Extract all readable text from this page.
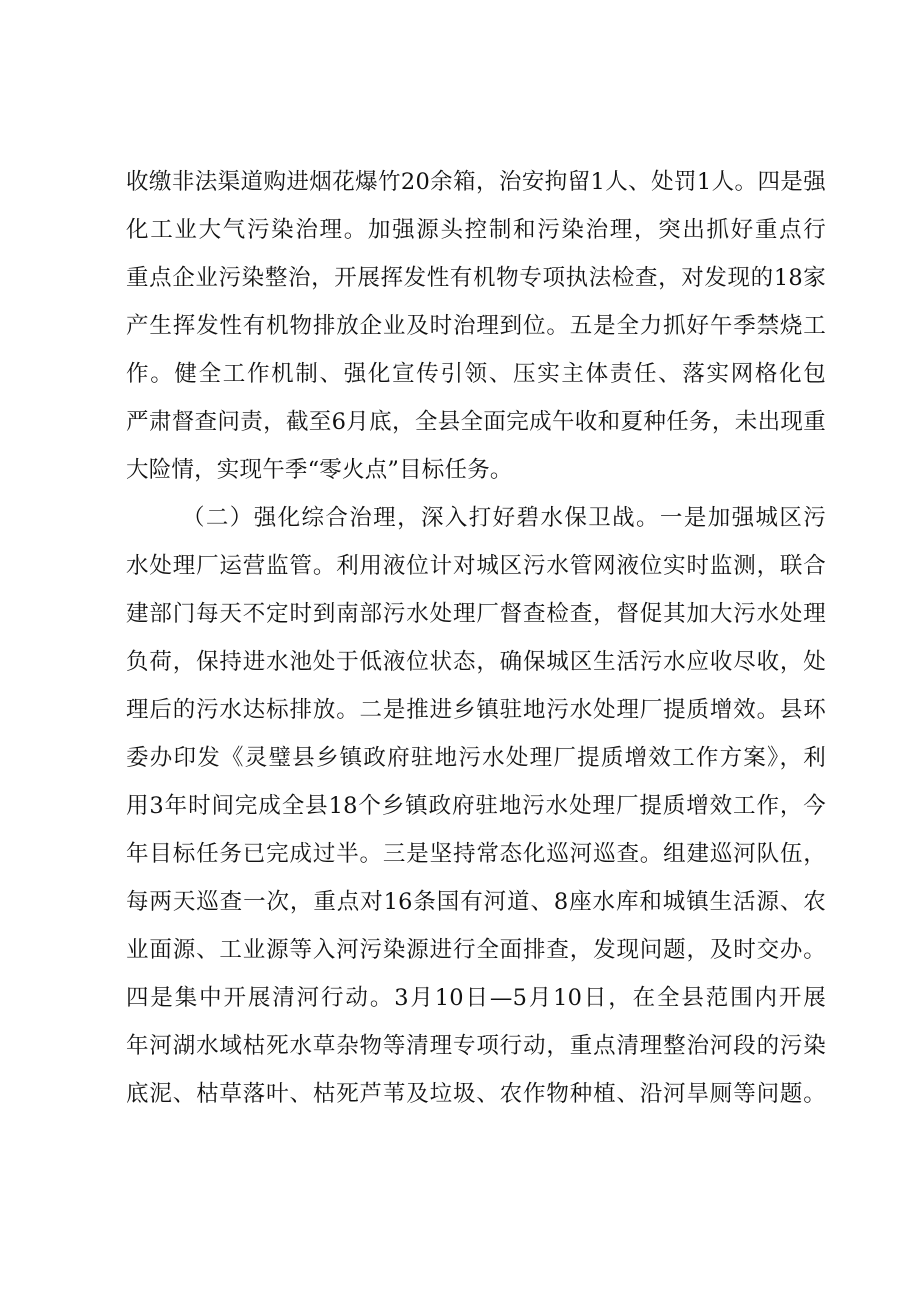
收缴非法渠道购进烟花爆竹20余箱，治安拘留1人、处罚1人。四是强
化工业大气污染治理。加强源头控制和污染治理，突出抓好重点行
重点企业污染整治，开展挥发性有机物专项执法检查，对发现的18家
产生挥发性有机物排放企业及时治理到位。五是全力抓好午季禁烧工
作。健全工作机制、强化宣传引领、压实主体责任、落实网格化包
严肃督查问责，截至6月底，全县全面完成午收和夏种任务，未出现重
大险情，实现午季“零火点”目标任务。
（二）强化综合治理，深入打好碧水保卫战。一是加强城区污
水处理厂运营监管。利用液位计对城区污水管网液位实时监测，联合
建部门每天不定时到南部污水处理厂督查检查，督促其加大污水处理
负荷，保持进水池处于低液位状态，确保城区生活污水应收尽收，处
理后的污水达标排放。二是推进乡镇驻地污水处理厂提质增效。县环
委办印发《灵璧县乡镇政府驻地污水处理厂提质增效工作方案》，利
用3年时间完成全县18个乡镇政府驻地污水处理厂提质增效工作，今
年目标任务已完成过半。三是坚持常态化巡河巡查。组建巡河队伍，
每两天巡查一次，重点对16条国有河道、8座水库和城镇生活源、农
业面源、工业源等入河污染源进行全面排查，发现问题，及时交办。
四是集中开展清河行动。3月10日—5月10日，在全县范围内开展
年河湖水域枯死水草杂物等清理专项行动，重点清理整治河段的污染
底泥、枯草落叶、枯死芦苇及垃圾、农作物种植、沿河旱厕等问题。
